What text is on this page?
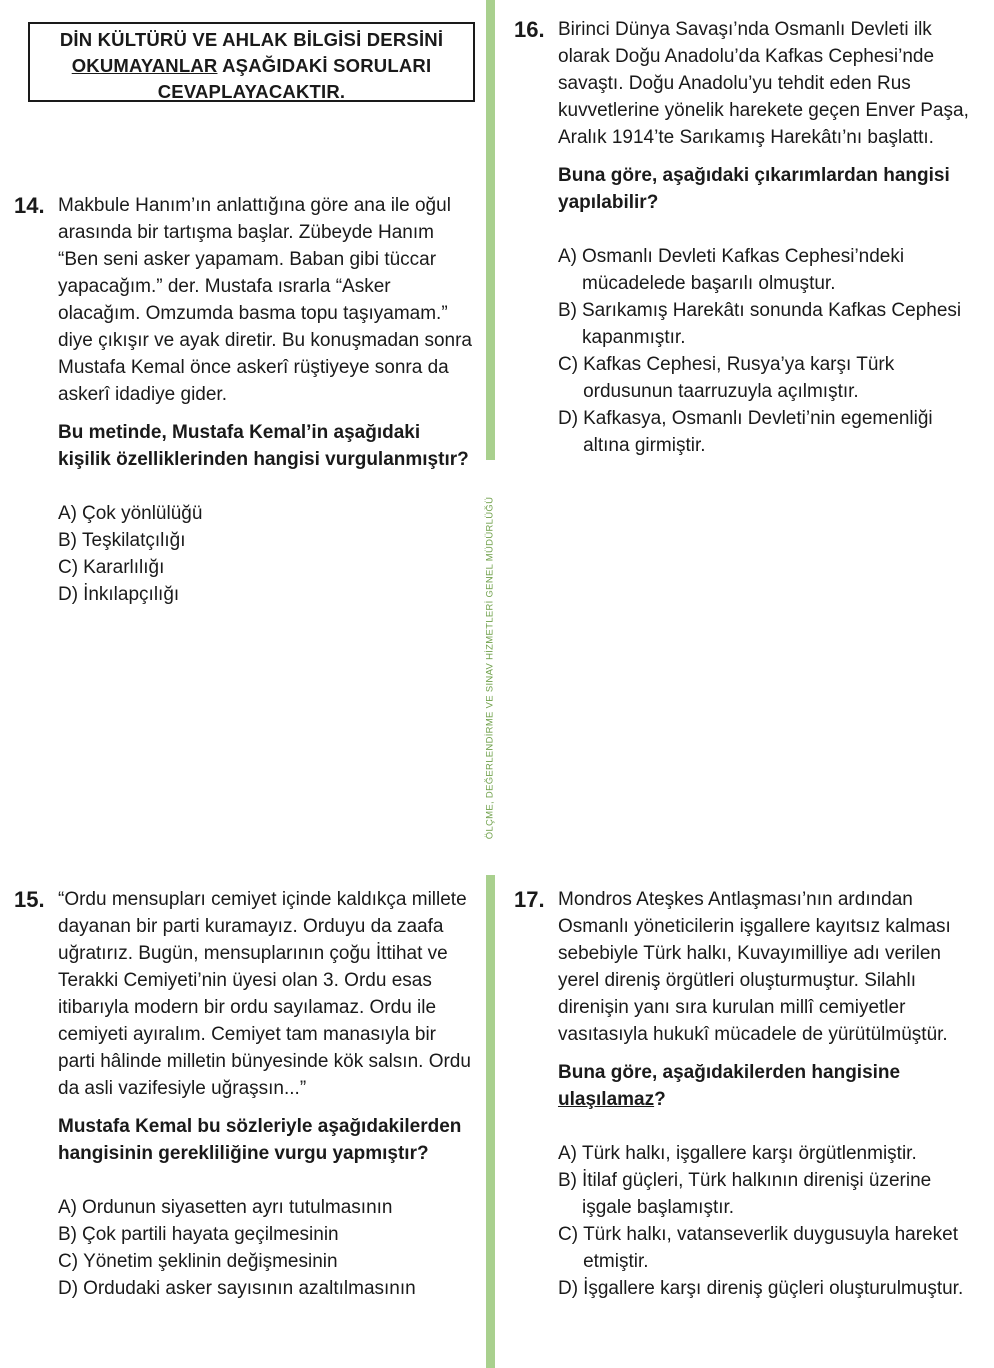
DİN KÜLTÜRÜ VE AHLAK BİLGİSİ DERSİNİ
OKUMAYANLAR AŞAĞIDAKİ SORULARI
CEVAPLAYACAKTIR.
ÖLÇME, DEĞERLENDİRME VE SINAV HİZMETLERİ GENEL MÜDÜRLÜĞÜ
14. Makbule Hanım’ın anlattığına göre ana ile oğul arasında bir tartışma başlar. Zübeyde Hanım “Ben seni asker yapamam. Baban gibi tüccar yapacağım.” der. Mustafa ısrarla “Asker olacağım. Omzumda basma topu taşıyamam.” diye çıkışır ve ayak diretir. Bu konuşmadan sonra Mustafa Kemal önce askerî rüştiyeye sonra da askerî idadiye gider.

Bu metinde, Mustafa Kemal’in aşağıdaki kişilik özelliklerinden hangisi vurgulanmıştır?
A) Çok yönlülüğü
B) Teşkilatçılığı
C) Kararlılığı
D) İnkılapçılığı
15. “Ordu mensupları cemiyet içinde kaldıkça millete dayanan bir parti kuramayız. Orduyu da zaafa uğratırız. Bugün, mensuplarının çoğu İttihat ve Terakki Cemiyeti’nin üyesi olan 3. Ordu esas itibarıyla modern bir ordu sayılamaz. Ordu ile cemiyeti ayıralım. Cemiyet tam manasıyla bir parti hâlinde milletin bünyesinde kök salsın. Ordu da asli vazifesiyle uğraşsın...”

Mustafa Kemal bu sözleriyle aşağıdakilerden hangisinin gerekliliğine vurgu yapmıştır?
A) Ordunun siyasetten ayrı tutulmasının
B) Çok partili hayata geçilmesinin
C) Yönetim şeklinin değişmesinin
D) Ordudaki asker sayısının azaltılmasının
16. Birinci Dünya Savaşı’nda Osmanlı Devleti ilk olarak Doğu Anadolu’da Kafkas Cephesi’nde savaştı. Doğu Anadolu’yu tehdit eden Rus kuvvetlerine yönelik harekete geçen Enver Paşa, Aralık 1914’te Sarıkamış Harekâtı’nı başlattı.

Buna göre, aşağıdaki çıkarımlardan hangisi yapılabilir?
A) Osmanlı Devleti Kafkas Cephesi’ndeki mücadelede başarılı olmuştur.
B) Sarıkamış Harekâtı sonunda Kafkas Cephesi kapanmıştır.
C) Kafkas Cephesi, Rusya’ya karşı Türk ordusunun taarruzuyla açılmıştır.
D) Kafkasya, Osmanlı Devleti’nin egemenliği altına girmiştir.
17. Mondros Ateşkes Antlaşması’nın ardından Osmanlı yöneticilerin işgallere kayıtsız kalması sebebiyle Türk halkı, Kuvayımilliye adı verilen yerel direniş örgütleri oluşturmuştur. Silahlı direnişin yanı sıra kurulan millî cemiyetler vasıtasıyla hukukî mücadele de yürütülmüştür.

Buna göre, aşağıdakilerden hangisine ulaşılamaz?
A) Türk halkı, işgallere karşı örgütlenmiştir.
B) İtilaf güçleri, Türk halkının direnişi üzerine işgale başlamıştır.
C) Türk halkı, vatanseverlik duygusuyla hareket etmiştir.
D) İşgallere karşı direniş güçleri oluşturulmuştur.
